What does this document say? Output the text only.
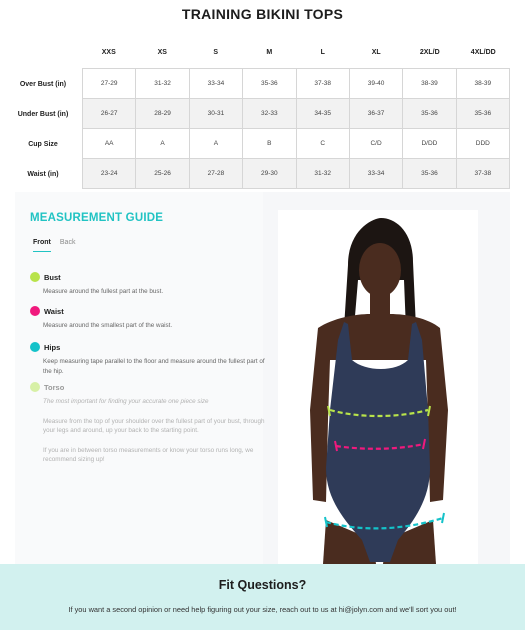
TRAINING BIKINI TOPS
XXS	XS	S	M	L	XL	2XL/D	4XL/DD
Over Bust (in)	27-29	31-32	33-34	35-36	37-38	39-40	38-39	38-39
Under Bust (in)	26-27	28-29	30-31	32-33	34-35	36-37	35-36	35-36
Cup Size	AA	A	A	B	C	C/D	D/DD	DDD
Waist (in)	23-24	25-26	27-28	29-30	31-32	33-34	35-36	37-38
MEASUREMENT GUIDE
Front Back
Bust
Measure around the fullest part at the bust.
Waist
Measure around the smallest part of the waist.
Hips
Keep measuring tape parallel to the floor and measure around the fullest part of the hip.
Torso
The most important for finding your accurate one piece size
Measure from the top of your shoulder over the fullest part of your bust, through your legs and around, up your back to the starting point.
If you are in between torso measurements or know your torso runs long, we recommend sizing up!
Fit Questions?
If you want a second opinion or need help figuring out your size, reach out to us at hi@jolyn.com and we'll sort you out!
